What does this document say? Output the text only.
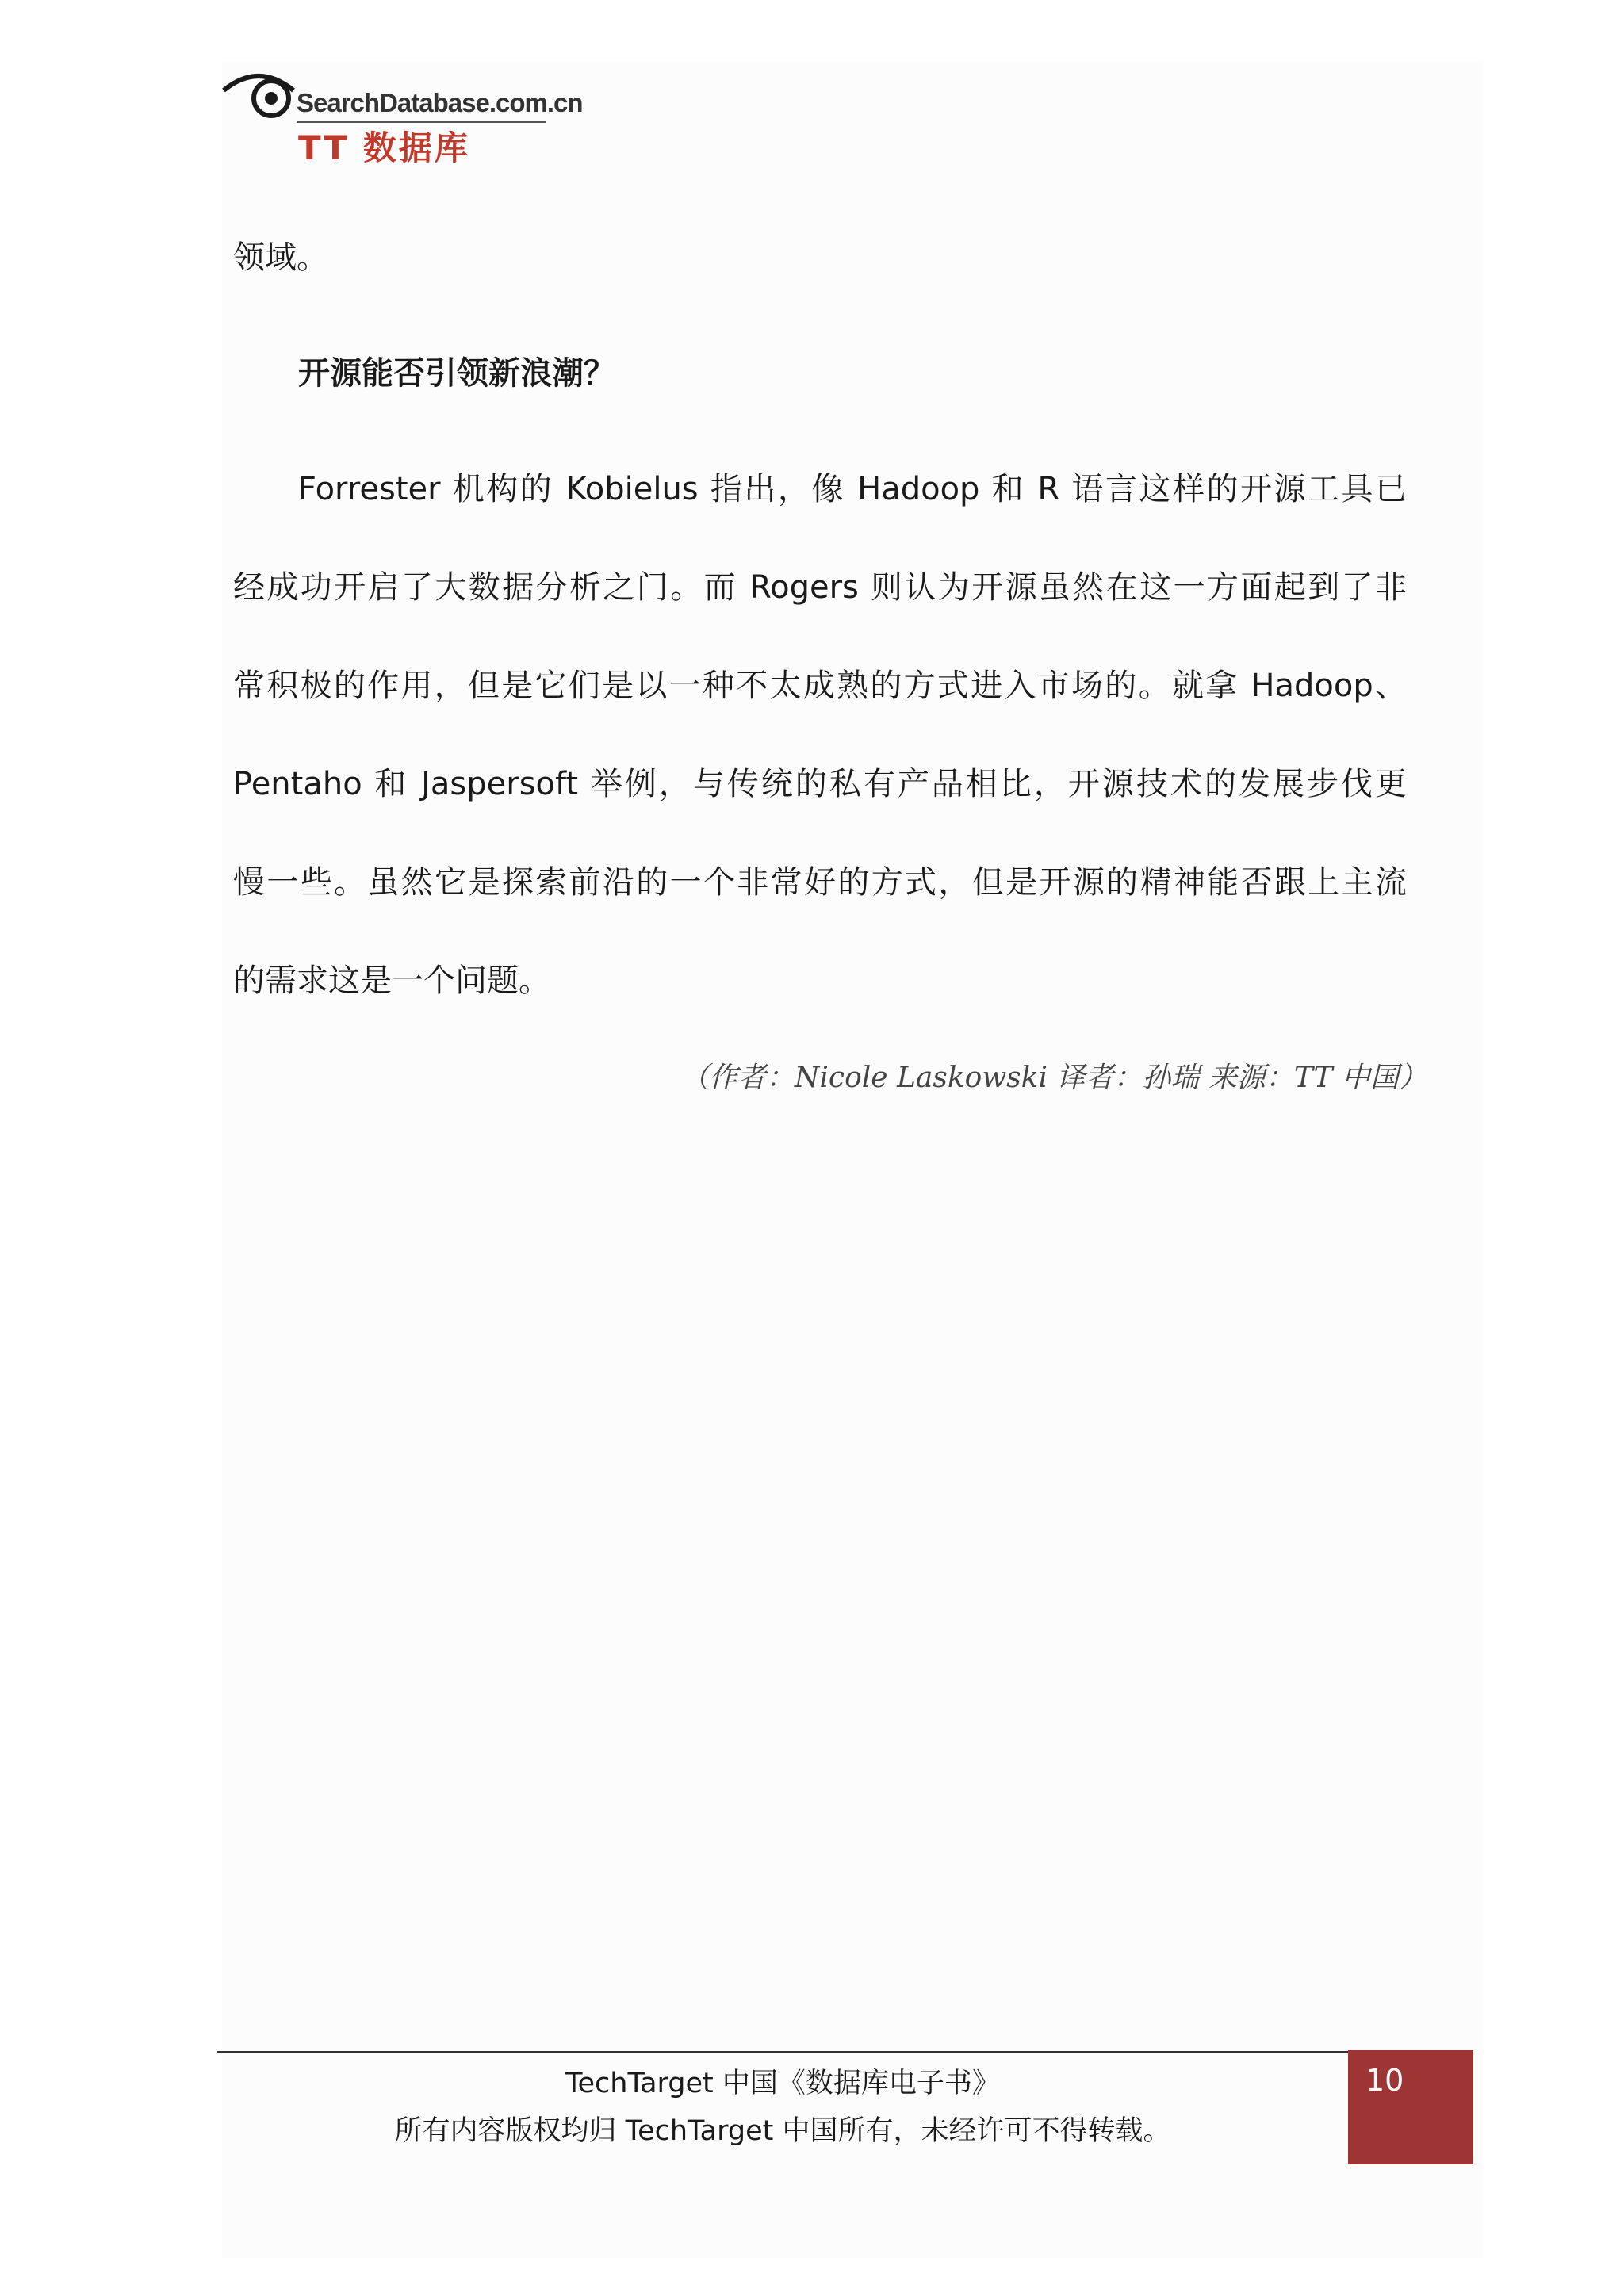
SearchDatabase.com.cn
TT 数据库
领域。
开源能否引领新浪潮？
Forrester 机构的 Kobielus 指出，像 Hadoop 和 R 语言这样的开源工具已
经成功开启了大数据分析之门。而 Rogers 则认为开源虽然在这一方面起到了非
常积极的作用，但是它们是以一种不太成熟的方式进入市场的。就拿 Hadoop、
Pentaho 和 Jaspersoft 举例，与传统的私有产品相比，开源技术的发展步伐更
慢一些。虽然它是探索前沿的一个非常好的方式，但是开源的精神能否跟上主流
的需求这是一个问题。
（作者：Nicole Laskowski 译者：孙瑞 来源：TT 中国）
TechTarget 中国《数据库电子书》
所有内容版权均归 TechTarget 中国所有，未经许可不得转载。
10
